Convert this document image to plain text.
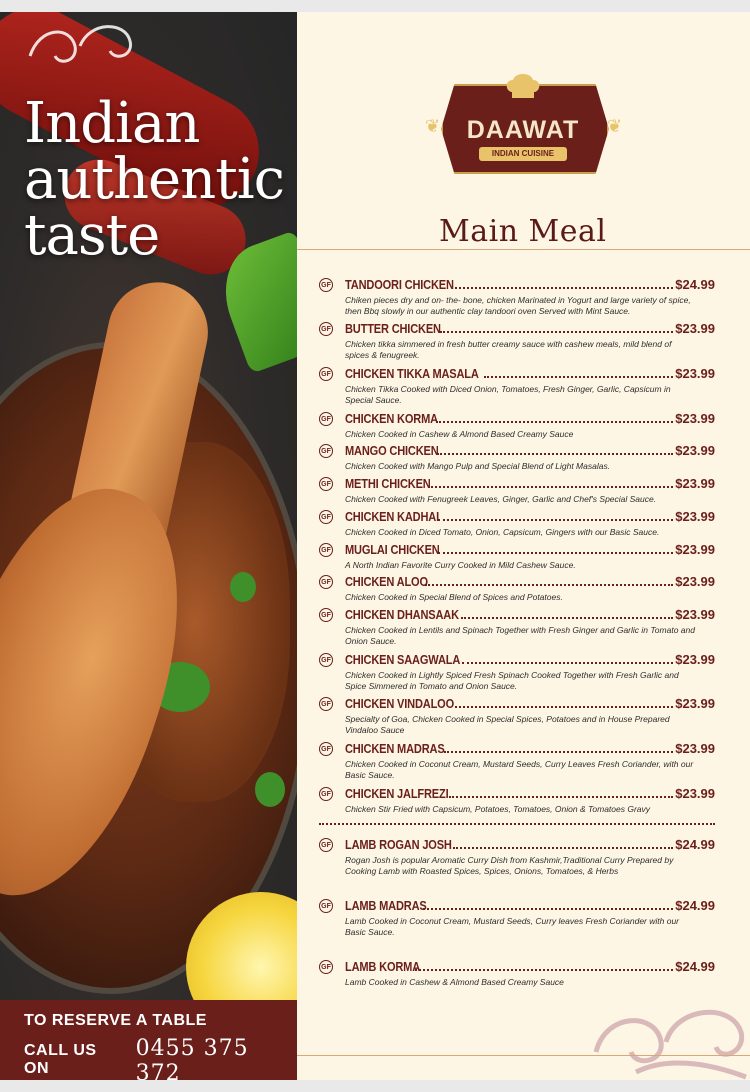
Indian
authentic
taste
TO RESERVE A TABLE
CALL US ON
0455 375 372
❦	❦
DAAWAT
INDIAN CUISINE
Main Meal
GF TANDOORI CHICKEN	$24.99
Chiken pieces dry and on- the- bone, chicken Marinated in Yogurt and large variety of spice, then Bbq slowly in our authentic clay tandoori oven Served with Mint Sauce.
GF BUTTER CHICKEN	$23.99
Chicken tikka simmered in fresh butter creamy sauce with cashew meals, mild blend of spices & fenugreek.
GF CHICKEN TIKKA MASALA	$23.99
Chicken Tikka Cooked with Diced Onion, Tomatoes, Fresh Ginger, Garlic, Capsicum in Special Sauce.
GF CHICKEN KORMA	$23.99
Chicken Cooked in Cashew & Almond Based Creamy Sauce
GF MANGO CHICKEN	$23.99
Chicken Cooked with Mango Pulp and Special Blend of Light Masalas.
GF METHI CHICKEN	$23.99
Chicken Cooked with Fenugreek Leaves, Ginger, Garlic and Chef's Special Sauce.
GF CHICKEN KADHAI	$23.99
Chicken Cooked in Diced Tomato, Onion, Capsicum, Gingers with our Basic Sauce.
GF MUGLAI CHICKEN	$23.99
A North Indian Favorite Curry Cooked in Mild Cashew Sauce.
GF CHICKEN ALOO	$23.99
Chicken Cooked in Special Blend of Spices and Potatoes.
GF CHICKEN DHANSAAK	$23.99
Chicken Cooked in Lentils and Spinach Together with Fresh Ginger and Garlic in Tomato and Onion Sauce.
GF CHICKEN SAAGWALA	$23.99
Chicken Cooked in Lightly Spiced Fresh Spinach Cooked Together with Fresh Garlic and Spice Simmered in Tomato and Onion Sauce.
GF CHICKEN VINDALOO	$23.99
Specialty of Goa, Chicken Cooked in Special Spices, Potatoes and in House Prepared Vindaloo Sauce
GF CHICKEN MADRAS	$23.99
Chicken Cooked in Coconut Cream, Mustard Seeds, Curry Leaves Fresh Coriander, with our Basic Sauce.
GF CHICKEN JALFREZI	$23.99
Chicken Stir Fried with Capsicum, Potatoes, Tomatoes, Onion & Tomatoes Gravy
GF LAMB ROGAN JOSH	$24.99
Rogan Josh is popular Aromatic Curry Dish from Kashmir,Traditional Curry Prepared by Cooking Lamb with Roasted Spices, Spices, Onions, Tomatoes, & Herbs
GF LAMB MADRAS	$24.99
Lamb Cooked in Coconut Cream, Mustard Seeds, Curry leaves Fresh Coriander with our Basic Sauce.
GF LAMB KORMA	$24.99
Lamb Cooked in Cashew & Almond Based Creamy Sauce
